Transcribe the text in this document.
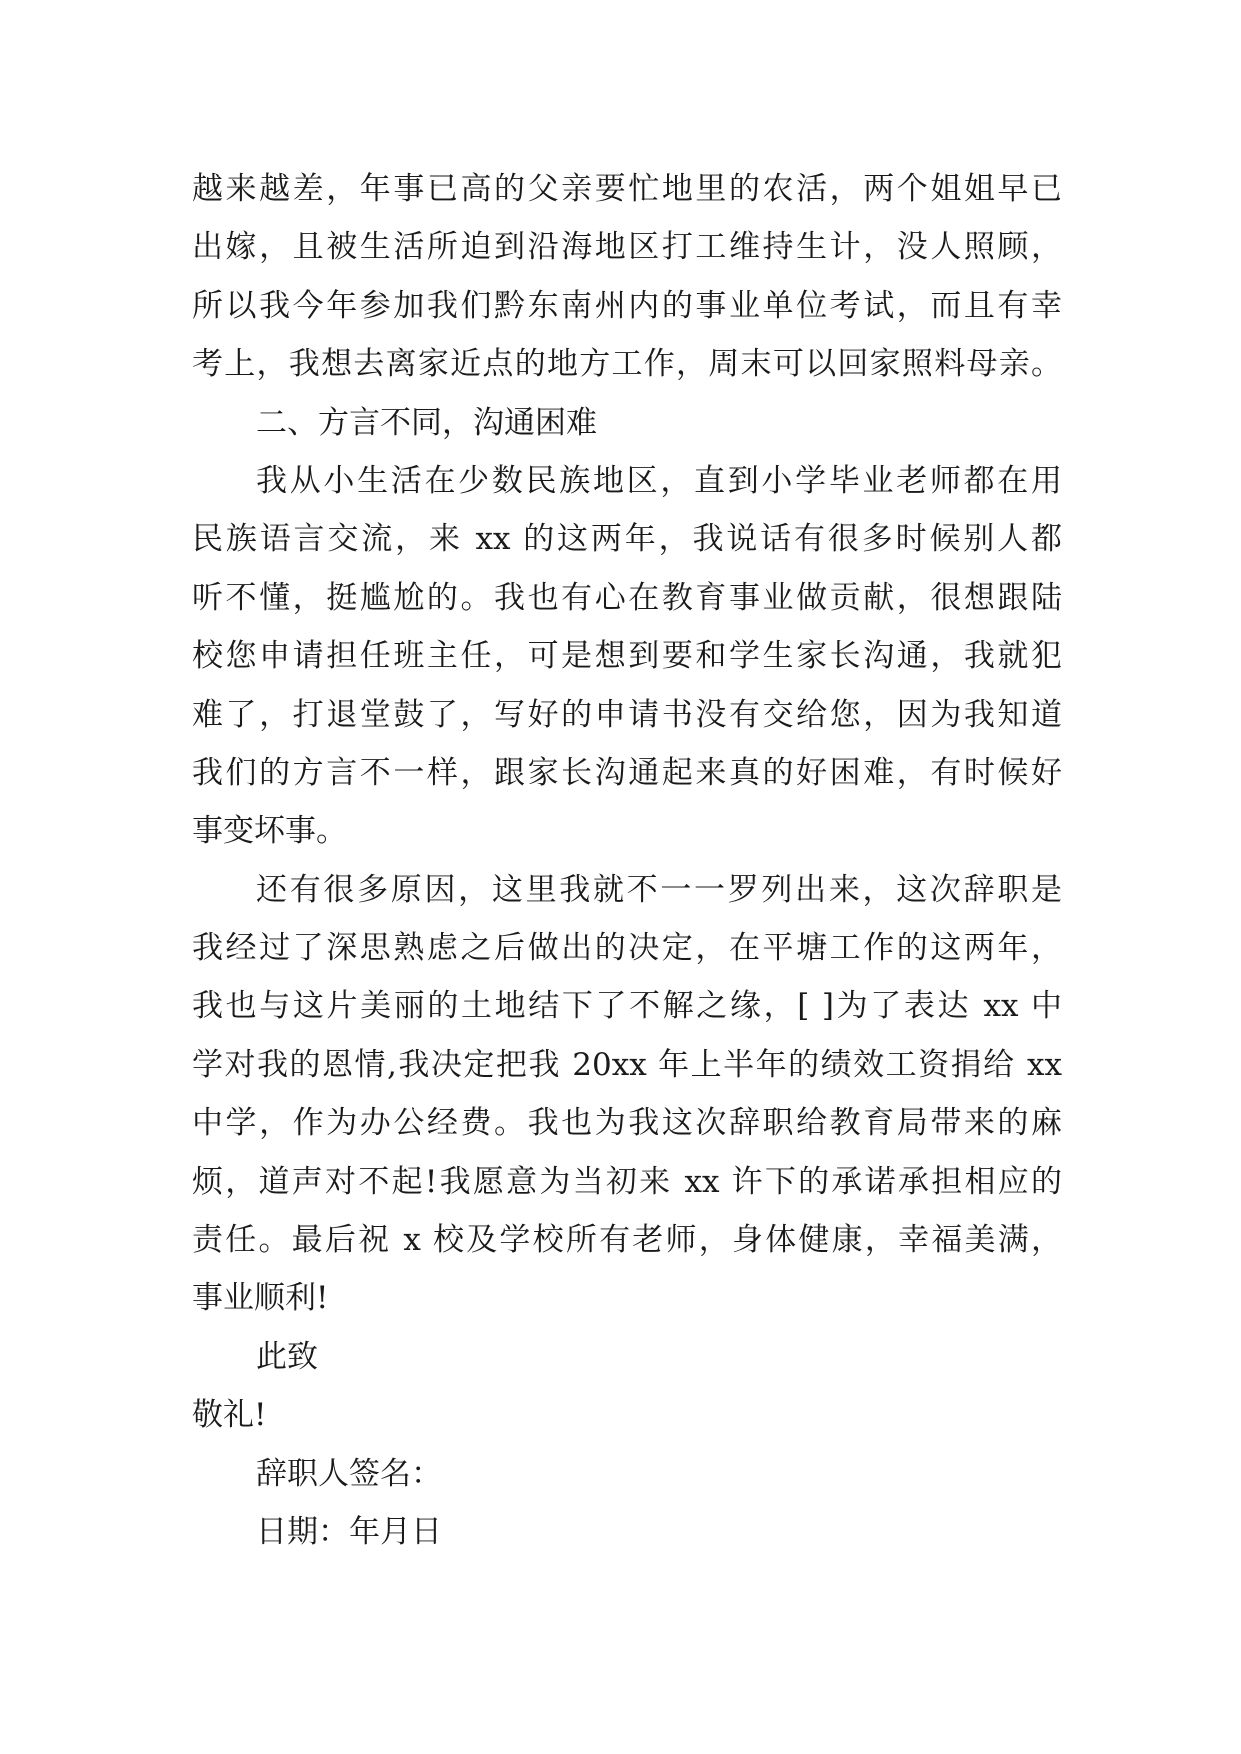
越来越差，年事已高的父亲要忙地里的农活，两个姐姐早已
出嫁，且被生活所迫到沿海地区打工维持生计，没人照顾，
所以我今年参加我们黔东南州内的事业单位考试，而且有幸
考上，我想去离家近点的地方工作，周末可以回家照料母亲。
二、方言不同，沟通困难
我从小生活在少数民族地区，直到小学毕业老师都在用
民族语言交流，来 xx 的这两年，我说话有很多时候别人都
听不懂，挺尴尬的。我也有心在教育事业做贡献，很想跟陆
校您申请担任班主任，可是想到要和学生家长沟通，我就犯
难了，打退堂鼓了，写好的申请书没有交给您，因为我知道
我们的方言不一样，跟家长沟通起来真的好困难，有时候好
事变坏事。
还有很多原因，这里我就不一一罗列出来，这次辞职是
我经过了深思熟虑之后做出的决定，在平塘工作的这两年，
我也与这片美丽的土地结下了不解之缘，[ ]为了表达 xx 中
学对我的恩情,我决定把我 20xx 年上半年的绩效工资捐给 xx
中学，作为办公经费。我也为我这次辞职给教育局带来的麻
烦，道声对不起!我愿意为当初来 xx 许下的承诺承担相应的
责任。最后祝 x 校及学校所有老师，身体健康，幸福美满，
事业顺利!
此致
敬礼!
辞职人签名：
日期：年月日
